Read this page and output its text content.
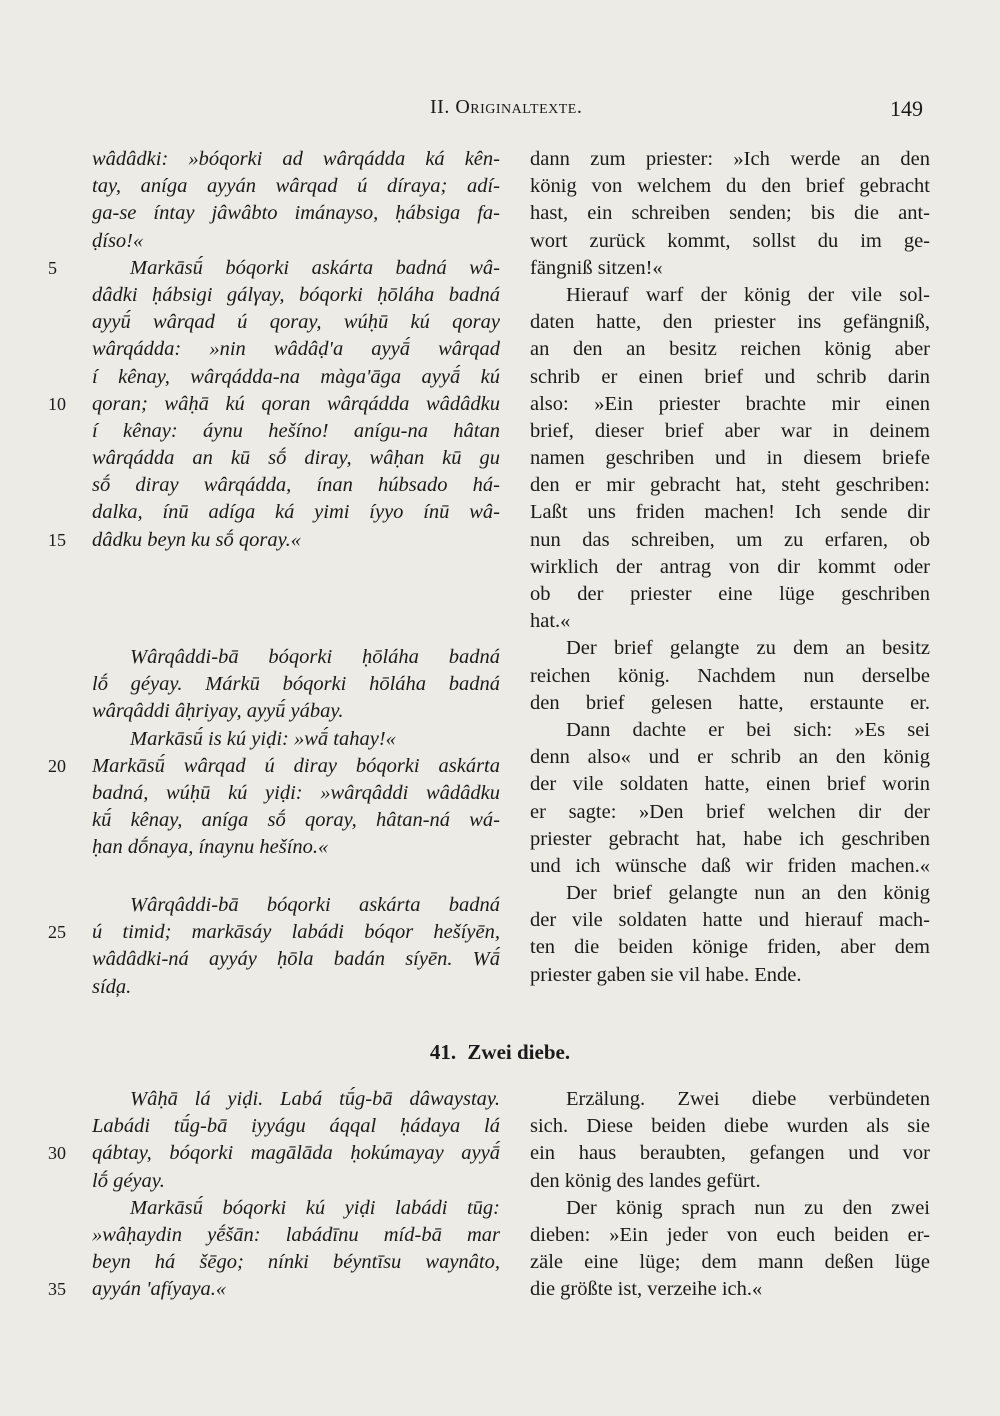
II. Originaltexte.	149
wâdâdki: »bóqorki ad wârqádda ká kên-
tay, aníga ayyán wârqad ú díraya; adí-
ga-se íntay jâwâbto imánayso, ḥábsiga fa-
ḍíso!«
5	Markāsū́ bóqorki askárta badná wâ-
dâdki ḥábsigi gálγay, bóqorki ḥōláha badná
ayyū́ wârqad ú qoray, wúḥū kú qoray
wârqádda: »nin wâdâḍ'a ayyā́ wârqad
í kênay, wârqádda-na màga'āga ayyā́ kú
10	qoran; wâḥā kú qoran wârqádda wâdâdku
í kênay: áynu hešíno! anígu-na hâtan
wârqádda an kū sṓ diray, wâḥan kū gu
sṓ diray wârqádda, ínan húbsado há-
dalka, ínū adíga ká yimi íyyo ínū wâ-
15	dâdku beyn ku sṓ qoray.«
Wârqâddi-bā bóqorki ḥōláha badná
lṓ géyay. Márkū bóqorki hōláha badná
wârqâddi âḥriyay, ayyū́ yábay.
Markāsū́ is kú yiḍi: »wā́ tahay!«
20	Markāsū́ wârqad ú diray bóqorki askárta
badná, wúḥū kú yiḍi: »wârqâddi wâdâdku
kū́ kênay, aníga sṓ qoray, hâtan-ná wá-
ḥan dṓnaya, ínaynu hešíno.«
Wârqâddi-bā bóqorki askárta badná
25	ú timid; markāsáy labádi bóqor hešíyēn,
wâdâdki-ná ayyáy ḥōla badán síyēn. Wā́
síd̦a.
Wâḥā lá yiḍi. Labá tū́g-bā dâwaystay.
Labádi tū́g-bā iyyágu áqqal ḥádaya lá
30	qábtay, bóqorki magālāda ḥokúmayay ayyā́
lṓ géyay.
Markāsū́ bóqorki kú yiḍi labádi tūg:
»wâḥaydin yḗšān: labádīnu míd-bā mar
beyn há šēgo; nínki béyntīsu waynâto,
35	ayyán 'afíyaya.«
dann zum priester: »Ich werde an den
könig von welchem du den brief gebracht
hast, ein schreiben senden; bis die ant-
wort zurück kommt, sollst du im ge-
fängniß sitzen!«
Hierauf warf der könig der vile sol-
daten hatte, den priester ins gefängniß,
an den an besitz reichen könig aber
schrib er einen brief und schrib darin
also: »Ein priester brachte mir einen
brief, dieser brief aber war in deinem
namen geschriben und in diesem briefe
den er mir gebracht hat, steht geschriben:
Laßt uns friden machen! Ich sende dir
nun das schreiben, um zu erfaren, ob
wirklich der antrag von dir kommt oder
ob der priester eine lüge geschriben
hat.«
Der brief gelangte zu dem an besitz
reichen könig. Nachdem nun derselbe
den brief gelesen hatte, erstaunte er.
Dann dachte er bei sich: »Es sei
denn also« und er schrib an den könig
der vile soldaten hatte, einen brief worin
er sagte: »Den brief welchen dir der
priester gebracht hat, habe ich geschriben
und ich wünsche daß wir friden machen.«
Der brief gelangte nun an den könig
der vile soldaten hatte und hierauf mach-
ten die beiden könige friden, aber dem
priester gaben sie vil habe. Ende.
Erzälung. Zwei diebe verbündeten
sich. Diese beiden diebe wurden als sie
ein haus beraubten, gefangen und vor
den könig des landes gefürt.
Der könig sprach nun zu den zwei
dieben: »Ein jeder von euch beiden er-
zäle eine lüge; dem mann deßen lüge
die größte ist, verzeihe ich.«
41. Zwei diebe.
